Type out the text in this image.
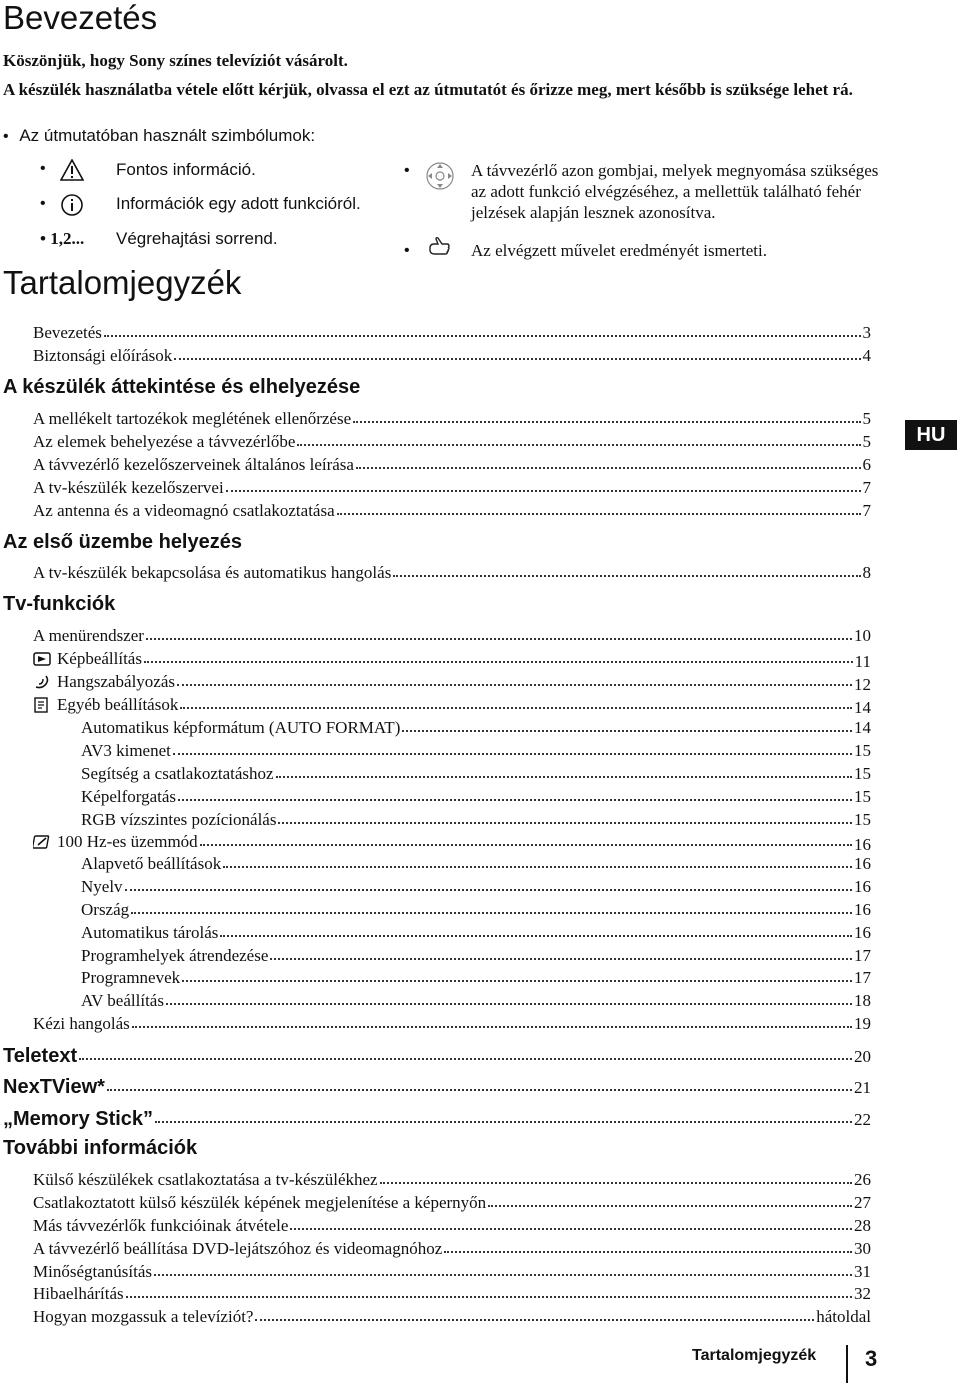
Bevezetés
Köszönjük, hogy Sony színes televíziót vásárolt.
A készülék használatba vétele előtt kérjük, olvassa el ezt az útmutatót és őrizze meg, mert később is szüksége lehet rá.
• Az útmutatóban használt szimbólumok:
•	Fontos információ.
•	Információk egy adott funkcióról.
• 1,2... Végrehajtási sorrend.
•	A távvezérlő azon gombjai, melyek megnyomása szükséges az adott funkció elvégzéséhez, a mellettük található fehér jelzések alapján lesznek azonosítva.
•	Az elvégzett művelet eredményét ismerteti.
Tartalomjegyzék
Bevezetés	3
Biztonsági előírások	4
A készülék áttekintése és elhelyezése
A mellékelt tartozékok meglétének ellenőrzése	5
Az elemek behelyezése a távvezérlőbe	5
A távvezérlő kezelőszerveinek általános leírása	6
A tv-készülék kezelőszervei	7
Az antenna és a videomagnó csatlakoztatása	7
Az első üzembe helyezés
A tv-készülék bekapcsolása és automatikus hangolás	8
Tv-funkciók
A menürendszer	10
Képbeállítás	11
Hangszabályozás	12
Egyéb beállítások	14
Automatikus képformátum (AUTO FORMAT)	14
AV3 kimenet	15
Segítség a csatlakoztatáshoz	15
Képelforgatás	15
RGB vízszintes pozícionálás	15
100 Hz-es üzemmód	16
Alapvető beállítások	16
Nyelv	16
Ország	16
Automatikus tárolás	16
Programhelyek átrendezése	17
Programnevek	17
AV beállítás	18
Kézi hangolás	19
Teletext	20
NexTView*	21
„Memory Stick”	22
További információk
Külső készülékek csatlakoztatása a tv-készülékhez	26
Csatlakoztatott külső készülék képének megjelenítése a képernyőn	27
Más távvezérlők funkcióinak átvétele	28
A távvezérlő beállítása DVD-lejátszóhoz és videomagnóhoz	30
Minőségtanúsítás	31
Hibaelhárítás	32
Hogyan mozgassuk a televíziót?	hátoldal
HU
Tartalomjegyzék 3
